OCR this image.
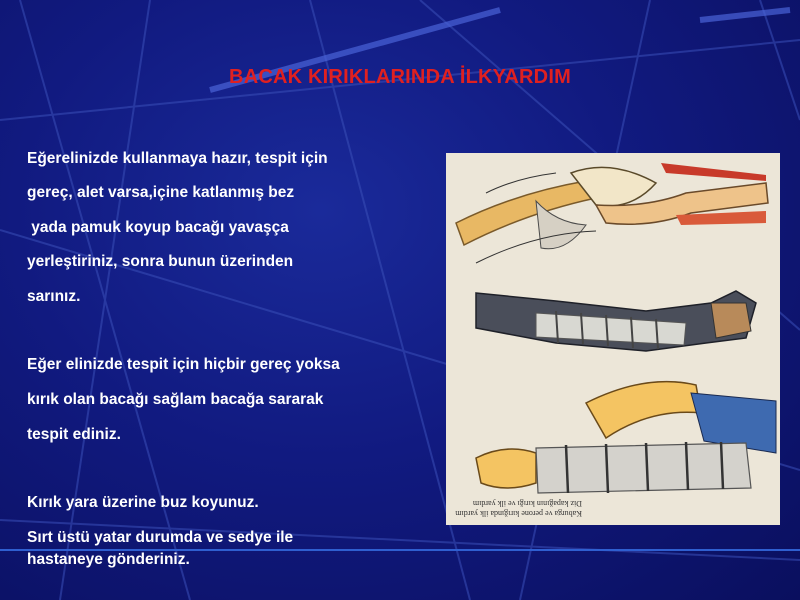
BACAK KIRIKLARINDA İLKYARDIM
Eğerelinizde kullanmaya hazır, tespit için
gereç, alet varsa,içine katlanmış bez
yada pamuk koyup bacağı yavaşça
yerleştiriniz, sonra bunun üzerinden
sarınız.
Eğer elinizde tespit için hiçbir gereç yoksa
kırık olan bacağı sağlam bacağa sararak
tespit ediniz.
Kırık yara üzerine buz koyunuz.
Sırt üstü yatar durumda ve sedye ile
hastaneye gönderiniz.
Diz kapağının kırığı ve ilk yardım
Kaburga ve perone kırığında ilk yardım
